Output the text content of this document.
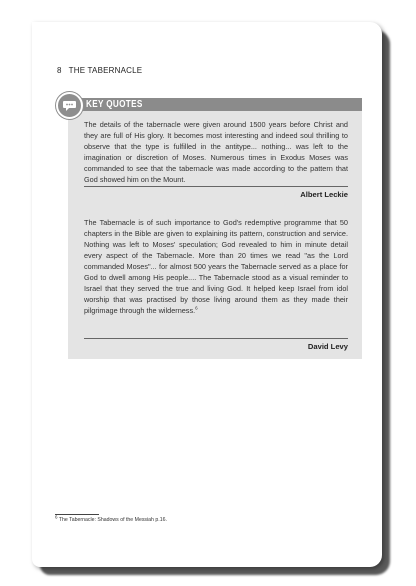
8 THE TABERNACLE
KEY QUOTES

The details of the tabernacle were given around 1500 years before Christ and they are full of His glory. It becomes most interesting and indeed soul thrilling to observe that the type is fulfilled in the antitype... nothing... was left to the imagination or discretion of Moses. Numerous times in Exodus Moses was commanded to see that the tabernacle was made according to the pattern that God showed him on the Mount.

Albert Leckie

The Tabernacle is of such importance to God's redemptive programme that 50 chapters in the Bible are given to explaining its pattern, construction and service. Nothing was left to Moses' speculation; God revealed to him in minute detail every aspect of the Tabernacle. More than 20 times we read "as the Lord commanded Moses"... for almost 500 years the Tabernacle served as a place for God to dwell among His people.... The Tabernacle stood as a visual reminder to Israel that they served the true and living God. It helped keep Israel from idol worship that was practised by those living around them as they made their pilgrimage through the wilderness.$^6$

David Levy
$^6$ The Tabernacle: Shadows of the Messiah p.16.
